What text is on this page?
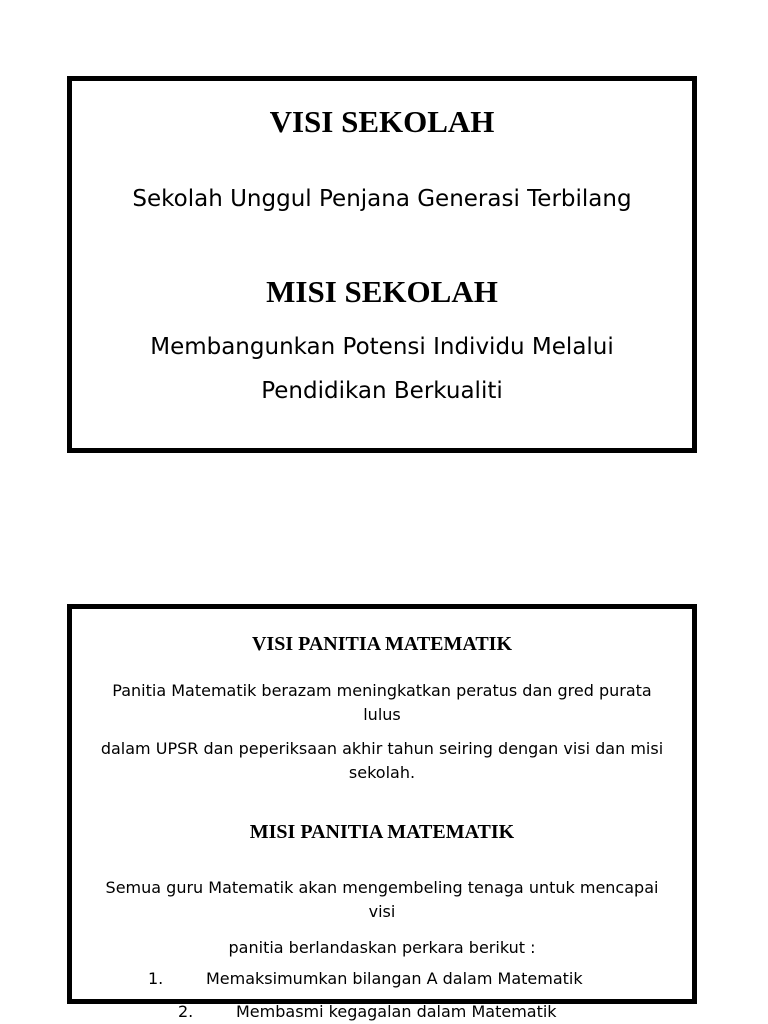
VISI SEKOLAH

Sekolah Unggul Penjana Generasi Terbilang

MISI SEKOLAH

Membangunkan Potensi Individu Melalui

Pendidikan Berkualiti

VISI PANITIA MATEMATIK
Panitia Matematik berazam meningkatkan peratus dan gred purata
lulus
dalam UPSR dan peperiksaan akhir tahun seiring dengan visi dan misi
sekolah.
MISI PANITIA MATEMATIK
Semua guru Matematik akan mengembeling tenaga untuk mencapai
visi
panitia berlandaskan perkara berikut :
1.	Memaksimumkan bilangan A dalam Matematik
2.	Membasmi kegagalan dalam Matematik
